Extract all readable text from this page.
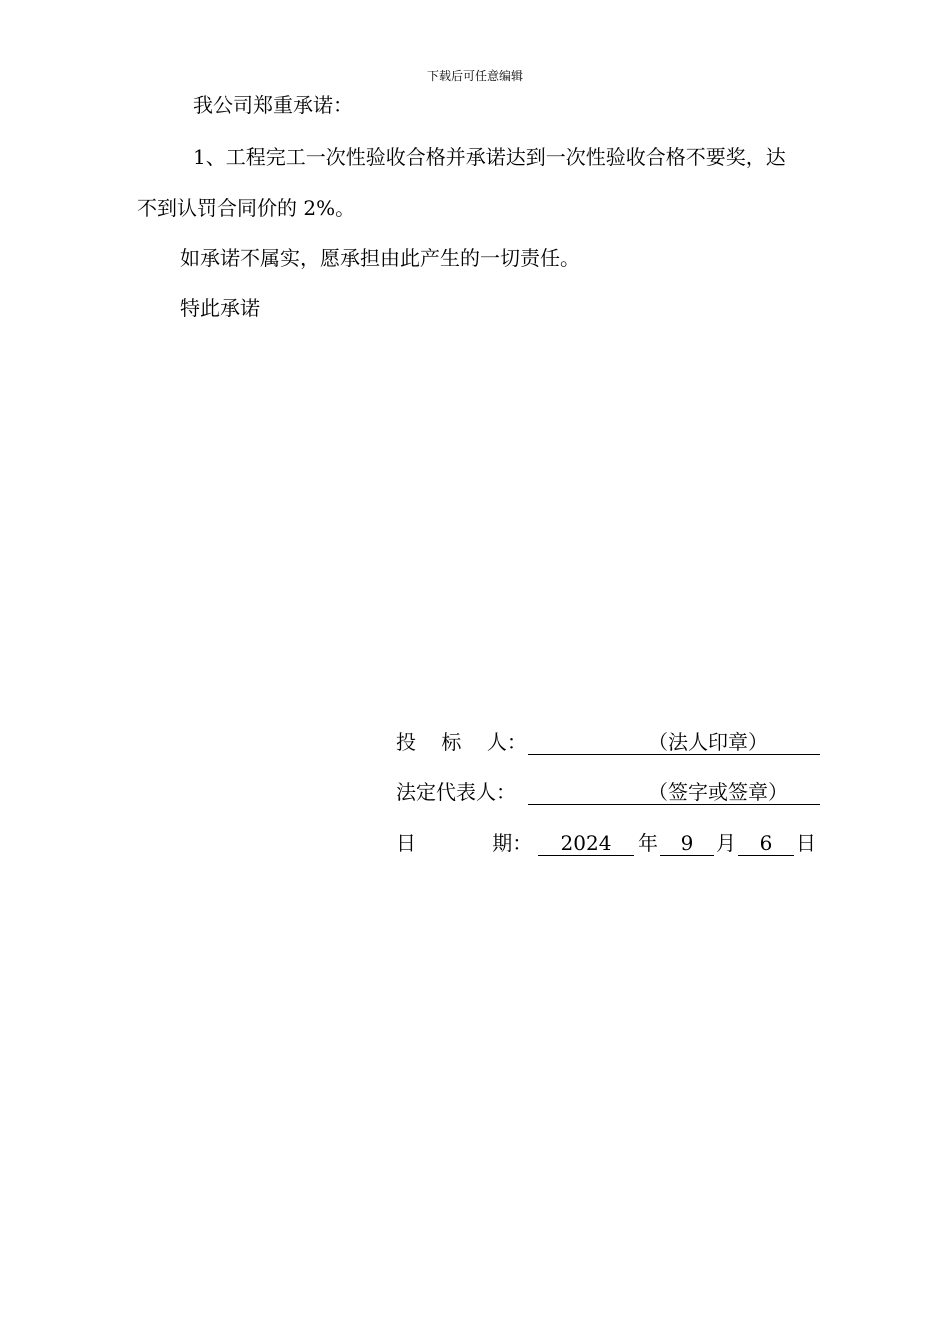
下载后可任意编辑
我公司郑重承诺：
1、工程完工一次性验收合格并承诺达到一次性验收合格不要奖，达
不到认罚合同价的 2%。
如承诺不属实，愿承担由此产生的一切责任。
特此承诺
投    标    人：	（法人印章）
法定代表人：	（签字或签章）
日            期：	2024	年	9	月	6	日
